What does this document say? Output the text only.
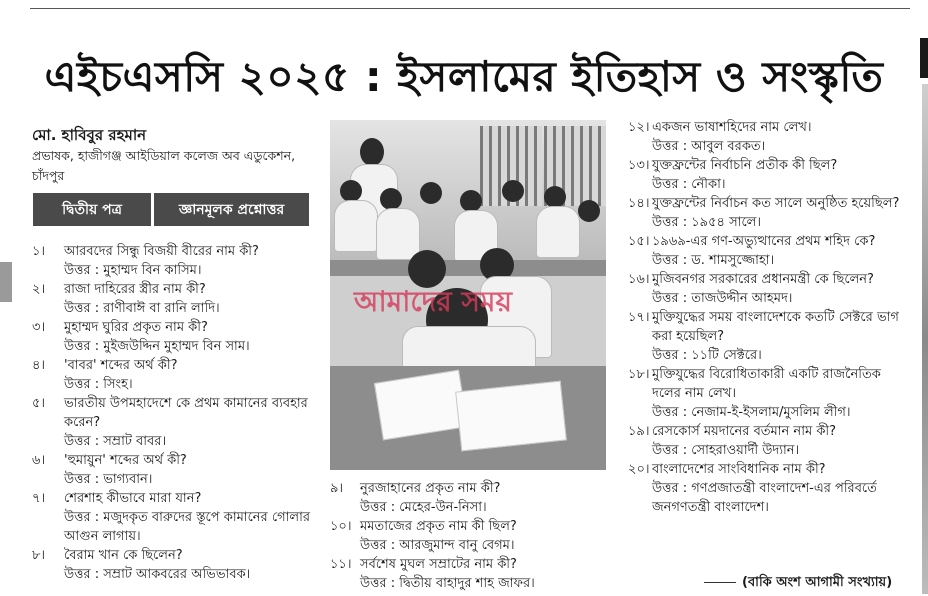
এইচএসসি ২০২৫ : ইসলামের ইতিহাস ও সংস্কৃতি
মো. হাবিবুর রহমান
প্রভাষক, হাজীগঞ্জ আইডিয়াল কলেজ অব এডুকেশন, চাঁদপুর
দ্বিতীয় পত্র	জ্ঞানমূলক প্রশ্নোত্তর
১। আরবদের সিন্ধু বিজয়ী বীরের নাম কী?
উত্তর : মুহাম্মদ বিন কাসিম।
২। রাজা দাহিরের স্ত্রীর নাম কী?
উত্তর : রাণীবাঈ বা রানি লাদি।
৩। মুহাম্মদ ঘুরির প্রকৃত নাম কী?
উত্তর : মুইজউদ্দিন মুহাম্মদ বিন সাম।
৪। 'বাবর' শব্দের অর্থ কী?
উত্তর : সিংহ।
৫। ভারতীয় উপমহাদেশে কে প্রথম কামানের ব্যবহার করেন?
উত্তর : সম্রাট বাবর।
৬। 'হুমায়ুন' শব্দের অর্থ কী?
উত্তর : ভাগ্যবান।
৭। শেরশাহ কীভাবে মারা যান?
উত্তর : মজুদকৃত বারুদের স্তূপে কামানের গোলার আগুন লাগায়।
৮। বৈরাম খান কে ছিলেন?
উত্তর : সম্রাট আকবরের অভিভাবক।
আমাদের সময়
৯। নুরজাহানের প্রকৃত নাম কী?
উত্তর : মেহের-উন-নিসা।
১০। মমতাজের প্রকৃত নাম কী ছিল?
উত্তর : আরজুমান্দ বানু বেগম।
১১। সর্বশেষ মুঘল সম্রাটের নাম কী?
উত্তর : দ্বিতীয় বাহাদুর শাহ জাফর।
১২। একজন ভাষাশহিদের নাম লেখ।
উত্তর : আবুল বরকত।
১৩। যুক্তফ্রন্টের নির্বাচনি প্রতীক কী ছিল?
উত্তর : নৌকা।
১৪। যুক্তফ্রন্টের নির্বাচন কত সালে অনুষ্ঠিত হয়েছিল?
উত্তর : ১৯৫৪ সালে।
১৫। ১৯৬৯-এর গণ-অভ্যুত্থানের প্রথম শহিদ কে?
উত্তর : ড. শামসুজ্জোহা।
১৬। মুজিবনগর সরকারের প্রধানমন্ত্রী কে ছিলেন?
উত্তর : তাজউদ্দীন আহমদ।
১৭। মুক্তিযুদ্ধের সময় বাংলাদেশকে কতটি সেক্টরে ভাগ করা হয়েছিল?
উত্তর : ১১টি সেক্টরে।
১৮। মুক্তিযুদ্ধের বিরোধিতাকারী একটি রাজনৈতিক দলের নাম লেখ।
উত্তর : নেজাম-ই-ইসলাম/মুসলিম লীগ।
১৯। রেসকোর্স ময়দানের বর্তমান নাম কী?
উত্তর : সোহরাওয়ার্দী উদ্যান।
২০। বাংলাদেশের সাংবিধানিক নাম কী?
উত্তর : গণপ্রজাতন্ত্রী বাংলাদেশ-এর পরিবর্তে জনগণতন্ত্রী বাংলাদেশ।
(বাকি অংশ আগামী সংখ্যায়)
